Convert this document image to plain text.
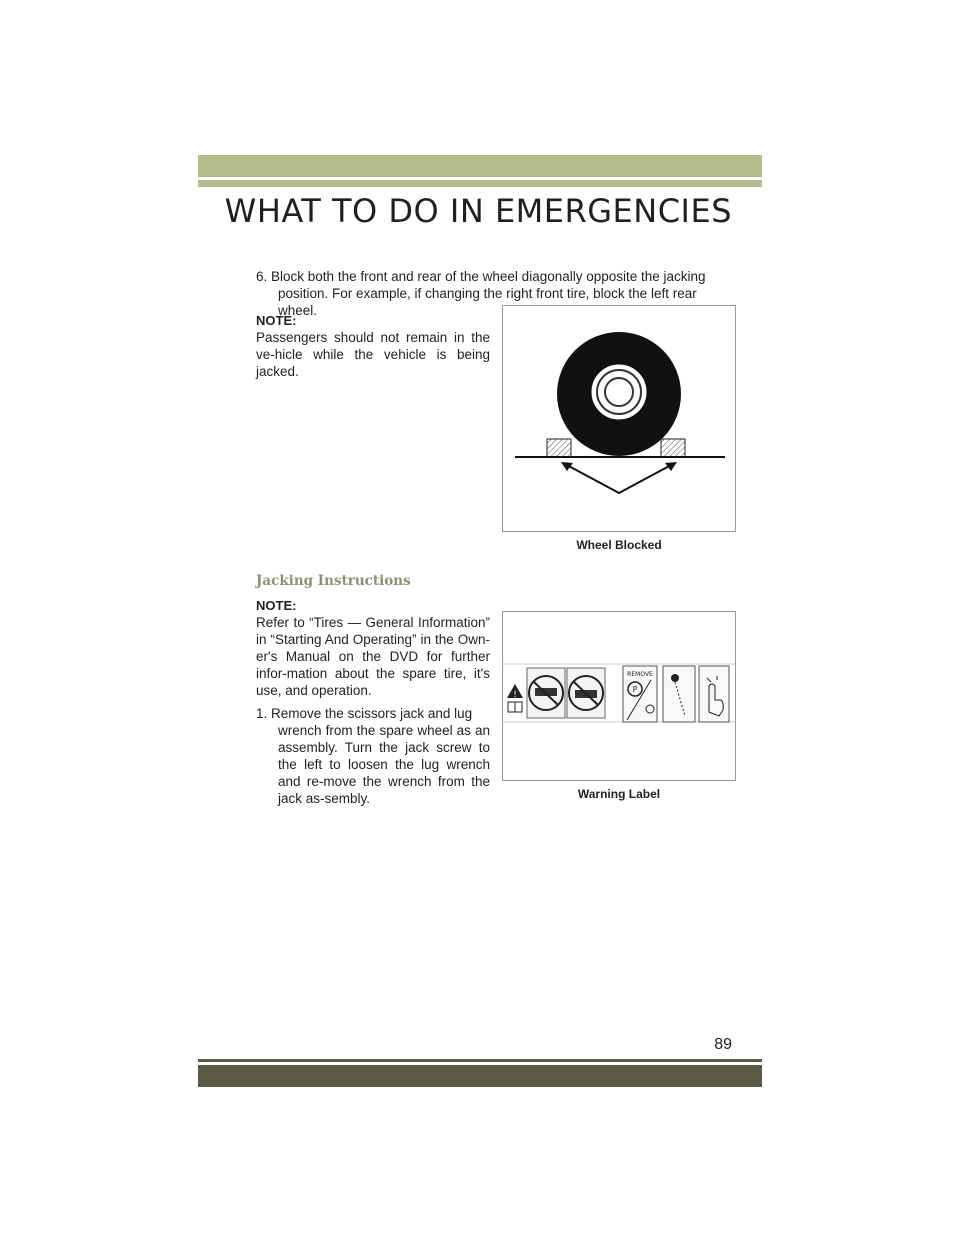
WHAT TO DO IN EMERGENCIES
6. Block both the front and rear of the wheel diagonally opposite the jacking
position. For example, if changing the right front tire, block the left rear wheel.
NOTE:
Passengers should not remain in the ve-hicle while the vehicle is being jacked.
Wheel Blocked
Jacking Instructions
NOTE:
Refer to “Tires — General Information” in “Starting And Operating” in the Own-er's Manual on the DVD for further infor-mation about the spare tire, it's use, and operation.
1. Remove the scissors jack and lug
wrench from the spare wheel as an assembly. Turn the jack screw to the left to loosen the lug wrench and re-move the wrench from the jack as-sembly.
!
REMOVE
P
Warning Label
89
